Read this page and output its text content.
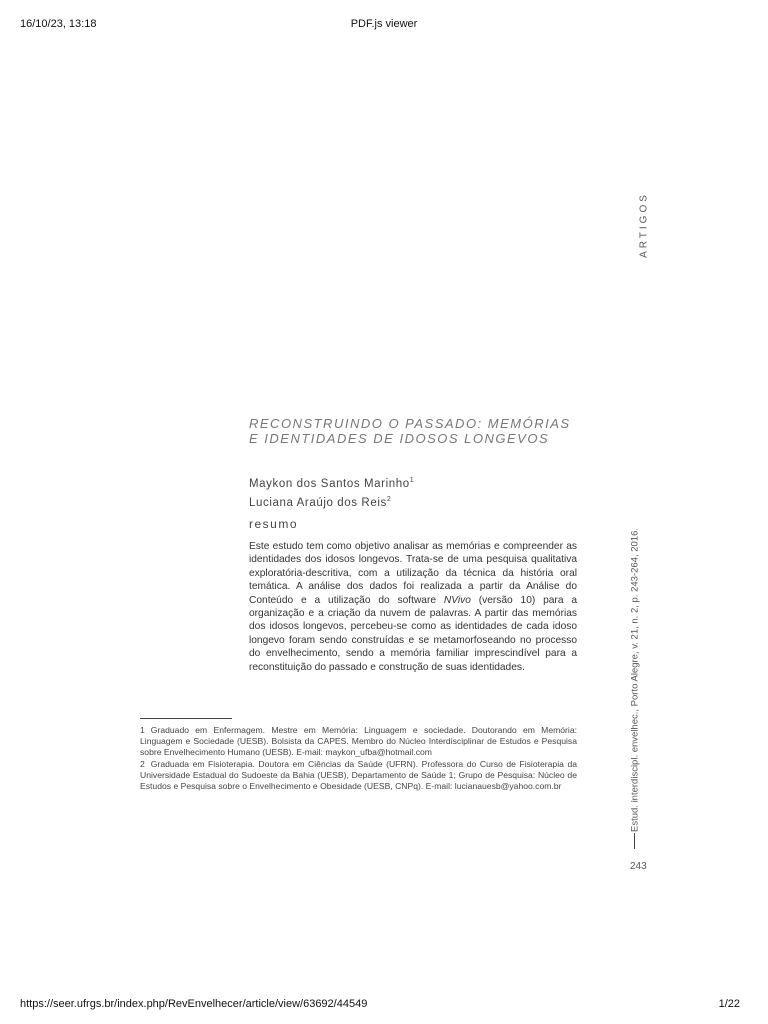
16/10/23, 13:18	PDF.js viewer
ARTIGOS
RECONSTRUINDO O PASSADO: MEMÓRIAS
E IDENTIDADES DE IDOSOS LONGEVOS
Maykon dos Santos Marinho$^1$
Luciana Araújo dos Reis$^2$
resumo

Este estudo tem como objetivo analisar as memórias e compreender as identidades dos idosos longevos. Trata-se de uma pesquisa qualitativa exploratória-descritiva, com a utilização da técnica da história oral temática. A análise dos dados foi realizada a partir da Análise do Conteúdo e a utilização do software NVivo (versão 10) para a organização e a criação da nuvem de palavras. A partir das memórias dos idosos longevos, percebeu-se como as identidades de cada idoso longevo foram sendo construídas e se metamorfoseando no processo do envelhecimento, sendo a memória familiar imprescindível para a reconstituição do passado e construção de suas identidades.

1 Graduado em Enfermagem. Mestre em Memória: Linguagem e sociedade. Doutorando em Memória: Linguagem e Sociedade (UESB). Bolsista da CAPES. Membro do Núcleo Interdisciplinar de Estudos e Pesquisa sobre Envelhecimento Humano (UESB). E-mail: maykon_ufba@hotmail.com

2 Graduada em Fisioterapia. Doutora em Ciências da Saúde (UFRN). Professora do Curso de Fisioterapia da Universidade Estadual do Sudoeste da Bahia (UESB), Departamento de Saúde 1; Grupo de Pesquisa: Núcleo de Estudos e Pesquisa sobre o Envelhecimento e Obesidade (UESB, CNPq). E-mail: lucianauesb@yahoo.com.br	Estud. interdiscipl. envelhec., Porto Alegre, v. 21, n. 2, p. 243-264, 2016.
243
https://seer.ufrgs.br/index.php/RevEnvelhecer/article/view/63692/44549	1/22
